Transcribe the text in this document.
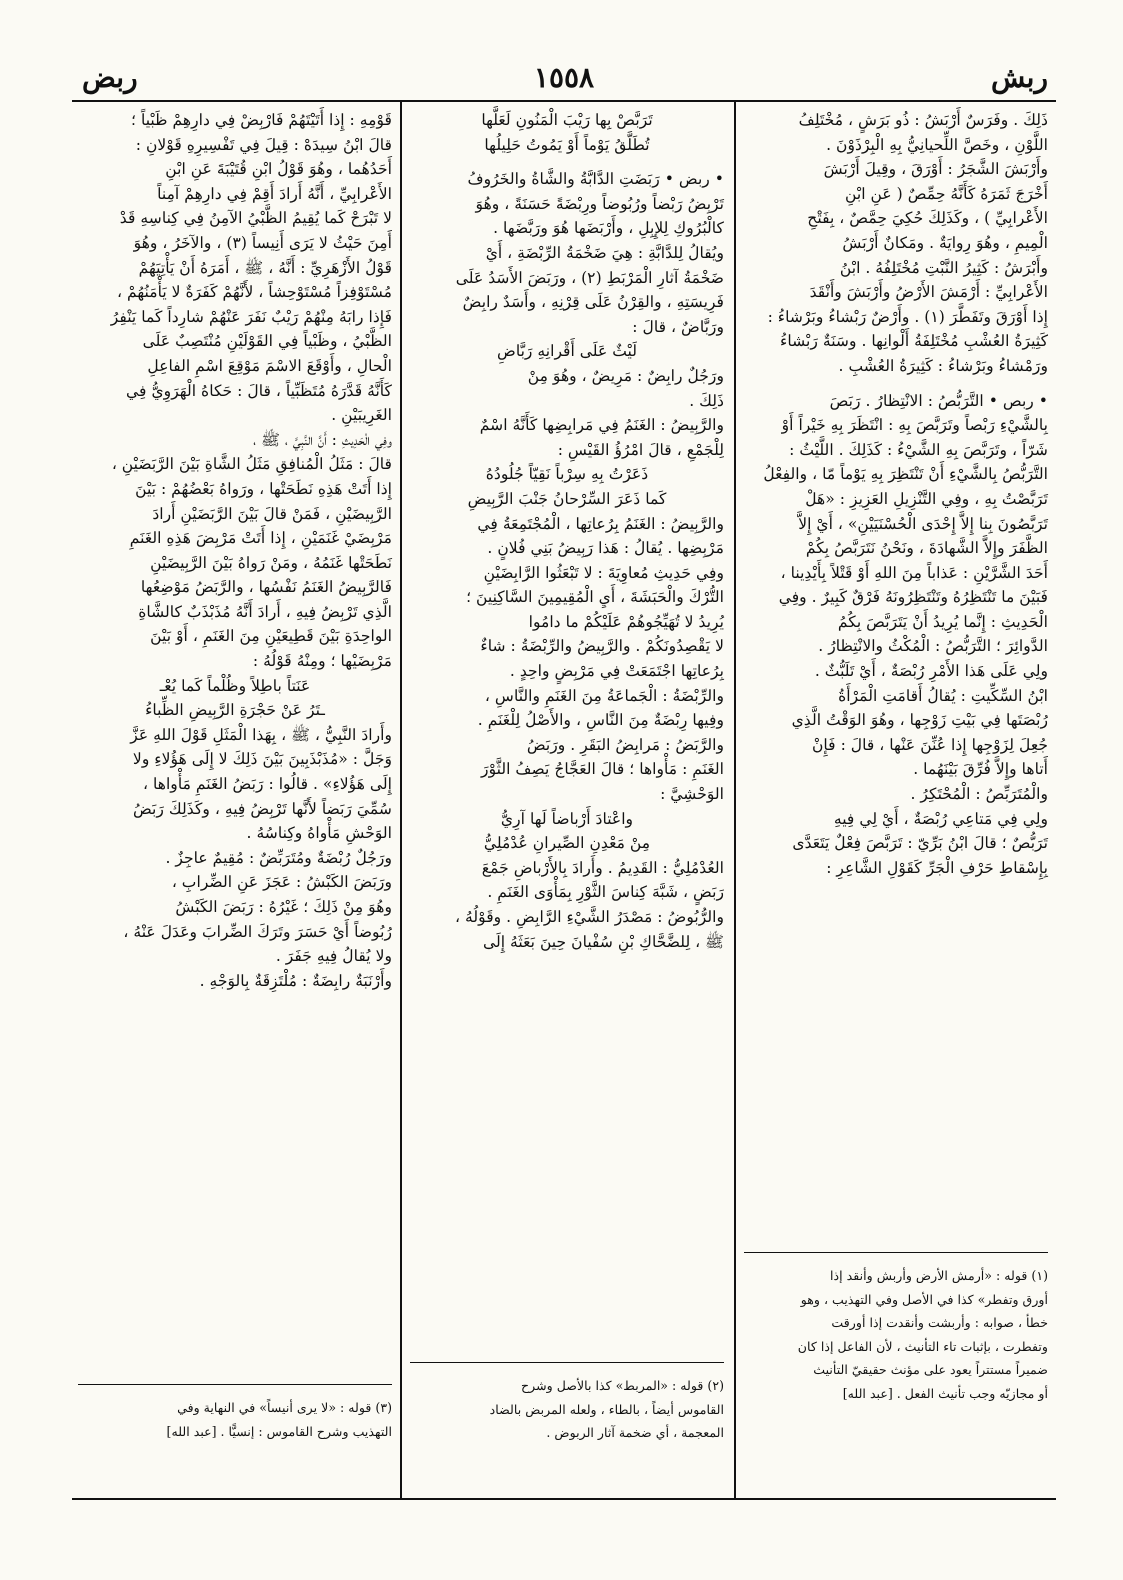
ربش
١٥٥٨
ربض

ذَلِكَ . وفَرَسٌ أَرْبَشُ : ذُو بَرَشٍ ، مُخْتَلِفُ

اللَّوْنِ ، وخَصَّ اللِّحيانِيُّ بِهِ الْبِرْذَوْنَ .

وأَرْبَشَ الشَّجَرُ : أَوْرَقَ ، وقِيلَ أَرْبَشَ

أَخْرَجَ ثَمَرَهُ كَأَنَّهُ حِمِّصٌ ( عَنِ ابْنِ

الأَعْرابِيِّ ) ، وكَذَلِكَ حُكِيَ حِمَّصٌ ، بِفَتْحِ

الْمِيمِ ، وهُوَ رِوايَةٌ . ومَكانٌ أَرْبَشُ

وأَبْرَشُ : كَثِيرُ النَّبْتِ مُخْتَلِفُهُ . ابْنُ

الأَعْرابِيِّ : أَرْمَشَ الأَرْضُ وأَرْبَشَ وأَنْقَدَ

إِذا أَوْرَقَ وتَفَطَّرَ (١) . وأَرْضٌ رَبْشاءُ وبَرْشاءُ :

كَثِيرَةُ العُشْبِ مُخْتَلِفَةُ أَلْوانِها . وسَنَةٌ رَبْشاءُ

ورَمْشاءُ وبَرْشاءُ : كَثِيرَةُ العُشْبِ .

• ربص • التَّرَبُّصُ : الانْتِظارُ . رَبَصَ

بِالشَّيْءِ رَبْصاً وتَرَبَّصَ بِهِ : انْتَظَرَ بِهِ خَيْراً أَوْ

شَرّاً ، وتَرَبَّصَ بِهِ الشَّيْءُ : كَذَلِكَ . اللَّيْثُ :

التَّرَبُّصُ بِالشَّيْءِ أَنْ تَنْتَظِرَ بِهِ يَوْماً مّا ، والفِعْلُ

تَرَبَّصْتُ بِهِ ، وفِي التَّنْزِيلِ العَزِيزِ : «هَلْ

تَرَبَّصُونَ بِنا إِلاَّ إِحْدَى الْحُسْنَيَيْنِ» ، أَيْ إِلاَّ

الظَّفَرَ وإِلاَّ الشَّهادَةَ ، ونَحْنُ نَتَرَبَّصُ بِكُمْ

أَحَدَ الشَّرَّيْنِ : عَذاباً مِنَ اللهِ أَوْ قَتْلاً بِأَيْدِينا ،

فَبَيْنَ ما تَنْتَظِرُهُ وتَنْتَظِرُونَهُ فَرْقٌ كَبِيرٌ . وفِي

الْحَدِيثِ : إِنَّما يُرِيدُ أَنْ يَتَرَبَّصَ بِكُمُ

الدَّوائِرَ ؛ التَّرَبُّصُ : الْمُكْثُ والانْتِظارُ .

ولِي عَلَى هَذا الأَمْرِ رُبْصَةٌ ، أَيْ تَلَبُّثٌ .

ابْنُ السِّكِّيتِ : يُقالُ أَقامَتِ الْمَرْأَةُ

رُبْصَتَها فِي بَيْتِ زَوْجِها ، وهُوَ الوَقْتُ الَّذِي

جُعِلَ لِزَوْجِها إِذا عُنِّنَ عَنْها ، قالَ : فَإِنْ

أَتاها وإِلاَّ فُرِّقَ بَيْنَهُما .

والْمُتَرَبِّصُ : الْمُحْتَكِرُ .

ولِي فِي مَتاعِي رُبْصَةٌ ، أَيْ لِي فِيهِ

تَرَبُّصٌ ؛ قالَ ابْنُ بَرِّيّ : تَرَبَّصَ فِعْلٌ يَتَعَدَّى

بِإِسْقاطِ حَرْفِ الْجَرِّ كَقَوْلِ الشَّاعِرِ :

تَرَبَّصْ بِها رَيْبَ الْمَنُونِ لَعَلَّها

تُطَلَّقُ يَوْماً أَوْ يَمُوتُ حَلِيلُها

• ربض • رَبَضَتِ الدَّابَّةُ والشَّاةُ والخَرُوفُ

تَرْبِضُ رَبْضاً ورُبُوضاً ورِبْضَةً حَسَنَةً ، وهُوَ

كالْبُرُوكِ لِلإِبِلِ ، وأَرْبَضَها هُوَ ورَبَّضَها .

ويُقالُ لِلدَّابَّةِ : هِيَ ضَخْمَةُ الرِّبْضَةِ ، أَيْ

ضَخْمَةُ آثارِ الْمَرْبَطِ (٢) ، ورَبَضَ الأَسَدُ عَلَى

فَرِيسَتِهِ ، والقِرْنُ عَلَى قِرْنِهِ ، وأَسَدٌ رابِضٌ

ورَبَّاضٌ ، قالَ :

لَيْثٌ عَلَى أَقْرانِهِ رَبَّاضِ

ورَجُلٌ رابِضٌ : مَرِيضٌ ، وهُوَ مِنْ

ذَلِكَ .

والرَّبِيضُ : الغَنَمُ فِي مَرابِضِها كَأَنَّهُ اسْمٌ

لِلْجَمْعِ ، قالَ امْرُؤُ القَيْسِ :

ذَعَرْتُ بِهِ سِرْباً نَقِيّاً جُلُودُهُ

كَما ذَعَرَ السِّرْحانُ جَنْبَ الرَّبِيضِ

والرَّبِيضُ : الغَنَمُ بِرُعاتِها ، الْمُجْتَمِعَةُ فِي

مَرْبِضِها . يُقالُ : هَذا رَبِيضُ بَنِي فُلانٍ .

وفِي حَدِيثِ مُعاوِيَةَ : لا تَبْعَثُوا الرَّابِضَيْنِ

التُّرْكَ والْحَبَشَةَ ، أَيِ الْمُقِيمِينَ السَّاكِنِينَ ؛

يُرِيدُ لا تُهَيِّجُوهُمْ عَلَيْكُمْ ما دامُوا

لا يَقْصِدُونَكُمْ . والرَّبِيضُ والرِّبْضَةُ : شاءٌ

بِرُعاتِها اجْتَمَعَتْ فِي مَرْبِضٍ واحِدٍ .

والرِّبْضَةُ : الْجَماعَةُ مِنَ الغَنَمِ والنَّاسِ ،

وفِيها رِبْضَةٌ مِنَ النَّاسِ ، والأَصْلُ لِلْغَنَمِ .

والرَّبَضُ : مَرابِضُ البَقَرِ . ورَبَضُ

الغَنَمِ : مَأْواها ؛ قالَ العَجَّاجُ يَصِفُ الثَّوْرَ

الوَحْشِيَّ :

واعْتادَ أَرْباضاً لَها آرِيُّ

مِنْ مَعْدِنِ الصِّيرانِ عُدْمُلِيُّ

العُدْمُلِيُّ : القَدِيمُ . وأَرادَ بِالأَرْباضِ جَمْعَ

رَبَضٍ ، شَبَّهَ كِناسَ الثَّوْرِ بِمَأْوَى الغَنَمِ .

والرُّبُوضُ : مَصْدَرُ الشَّيْءِ الرَّابِضِ . وقَوْلُهُ ،

ﷺ ، لِلضَّحَّاكِ بْنِ سُفْيانَ حِينَ بَعَثَهُ إِلَى

قَوْمِهِ : إِذا أَتَيْتَهُمْ فَارْبِضْ فِي دارِهِمْ ظَبْياً ؛

قالَ ابْنُ سِيدَهْ : قِيلَ فِي تَفْسِيرِهِ قَوْلانِ :

أَحَدُهُما ، وهُوَ قَوْلُ ابْنِ قُتَيْبَةَ عَنِ ابْنِ

الأَعْرابِيِّ ، أَنَّهُ أَرادَ أَقِمْ فِي دارِهِمْ آمِناً

لا تَبْرَحْ كَما يُقِيمُ الظَّبْيُ الآمِنُ فِي كِناسِهِ قَدْ

أَمِنَ حَيْثُ لا يَرَى أَنِيساً (٣) ، والآخَرُ ، وهُوَ

قَوْلُ الأَزْهَرِيِّ : أَنَّهُ ، ﷺ ، أَمَرَهُ أَنْ يَأْتِيَهُمْ

مُسْتَوْفِزاً مُسْتَوْحِشاً ، لأَنَّهُمْ كَفَرَةٌ لا يَأْمَنُهُمْ ،

فَإِذا رابَهُ مِنْهُمْ رَيْبٌ نَفَرَ عَنْهُمْ شارِداً كَما يَنْفِرُ

الظَّبْيُ ، وظَبْياً فِي القَوْلَيْنِ مُنْتَصِبٌ عَلَى

الْحالِ ، وأَوْقَعَ الاسْمَ مَوْقِعَ اسْمِ الفاعِلِ

كَأَنَّهُ قَدَّرَهُ مُتَظَبِّياً ، قالَ : حَكاهُ الْهَرَوِيُّ فِي

الغَرِيبَيْنِ .

وفِي الْحَدِيثِ : أَنَّ النَّبِيَّ ، ﷺ ،

قالَ : مَثَلُ الْمُنافِقِ مَثَلُ الشَّاةِ بَيْنَ الرَّبَضَيْنِ ،

إِذا أَتَتْ هَذِهِ نَطَحَتْها ، ورَواهُ بَعْضُهُمْ : بَيْنَ

الرَّبِيضَيْنِ ، فَمَنْ قالَ بَيْنَ الرَّبَضَيْنِ أَرادَ

مَرْبِضَيْ غَنَمَيْنِ ، إِذا أَتَتْ مَرْبِضَ هَذِهِ الغَنَمِ

نَطَحَتْها غَنَمُهُ ، ومَنْ رَواهُ بَيْنَ الرَّبِيضَيْنِ

فَالرَّبِيضُ الغَنَمُ نَفْسُها ، والرَّبَضُ مَوْضِعُها

الَّذِي تَرْبِضُ فِيهِ ، أَرادَ أَنَّهُ مُذَبْذَبٌ كالشَّاةِ

الواحِدَةِ بَيْنَ قَطِيعَيْنِ مِنَ الغَنَمِ ، أَوْ بَيْنَ

مَرْبِضَيْها ؛ ومِنْهُ قَوْلُهُ :

عَنَتاً باطِلاً وظُلْماً كَما يُعْـ

ـتَرُ عَنْ حَجْرَةِ الرَّبِيضِ الظِّباءُ

وأَرادَ النَّبِيُّ ، ﷺ ، بِهَذا الْمَثَلِ قَوْلَ اللهِ عَزَّ

وَجَلَّ : «مُذَبْذَبِينَ بَيْنَ ذَلِكَ لا إِلَى هَؤُلاءِ ولا

إِلَى هَؤُلاءِ» . قالُوا : رَبَضُ الغَنَمِ مَأْواها ،

سُمِّيَ رَبَضاً لأَنَّها تَرْبِضُ فِيهِ ، وكَذَلِكَ رَبَضُ

الوَحْشِ مَأْواهُ وكِناسُهُ .

ورَجُلٌ رُبْضَةٌ ومُتَرَبِّضٌ : مُقِيمٌ عاجِزٌ .

ورَبَضَ الكَبْشُ : عَجَزَ عَنِ الضِّرابِ ،

وهُوَ مِنْ ذَلِكَ ؛ غَيْرُهُ : رَبَضَ الكَبْشُ

رُبُوضاً أَيْ حَسَرَ وتَرَكَ الضِّرابَ وعَدَلَ عَنْهُ ،

ولا يُقالُ فِيهِ جَفَرَ .

وأَرْنَبَةٌ رابِضَةٌ : مُلْتَزِقَةٌ بِالوَجْهِ .

(١) قوله : «أرمش الأرض وأربش وأنقد إذا

أورق وتفطر» كذا في الأصل وفي التهذيب ، وهو

خطأ ، صوابه : وأربشت وأنقدت إذا أورقت

وتفطرت ، بإثبات تاء التأنيث ، لأن الفاعل إذا كان

ضميراً مستتراً يعود على مؤنث حقيقيّ التأنيث

أو مجازيّه وجب تأنيث الفعل . [عبد الله]

(٢) قوله : «المربط» كذا بالأصل وشرح

القاموس أيضاً ، بالطاء ، ولعله المربض بالضاد

المعجمة ، أي ضخمة آثار الربوض .

(٣) قوله : «لا يرى أنيساً» في النهاية وفي

التهذيب وشرح القاموس : إنسيًّا . [عبد الله]
